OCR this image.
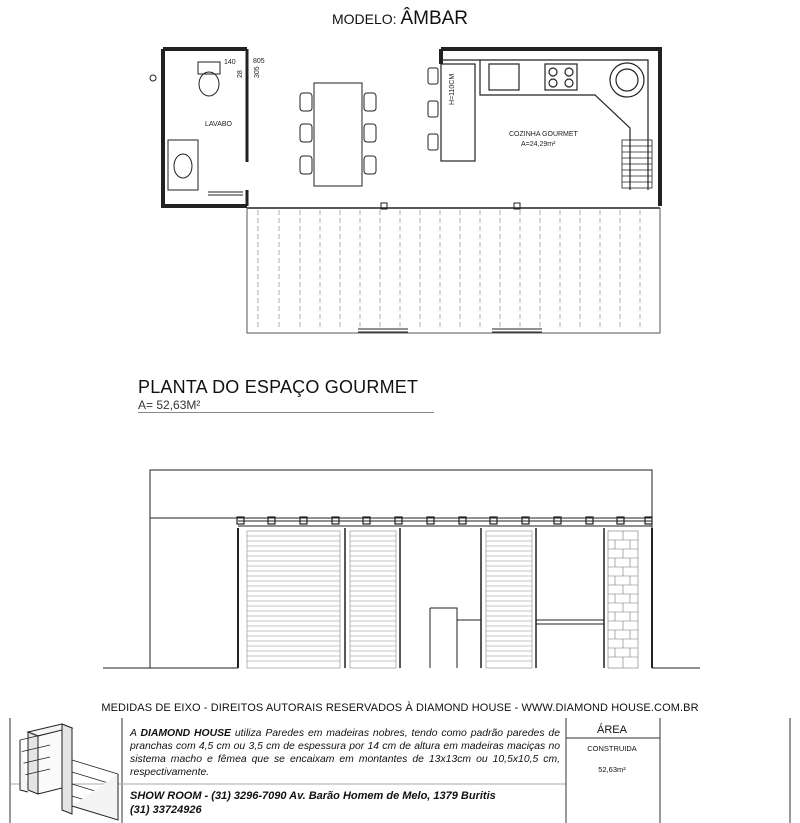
MODELO: ÂMBAR
LAVABO
COZINHA GOURMET
A=24,29m²
140 805
28 305
H=110CM
PLANTA DO ESPAÇO GOURMET
A= 52,63M²
MEDIDAS DE EIXO - DIREITOS AUTORAIS RESERVADOS À DIAMOND HOUSE - WWW.DIAMOND HOUSE.COM.BR
A DIAMOND HOUSE utiliza Paredes em madeiras nobres, tendo como padrão paredes de pranchas com 4,5 cm ou 3,5 cm de espessura por 14 cm de altura em madeiras maciças no sistema macho e fêmea que se encaixam em montantes de 13x13cm ou 10,5x10,5 cm, respectivamente.
SHOW ROOM - (31) 3296-7090 Av. Barão Homem de Melo, 1379 Buritis
(31) 33724926
ÁREA
CONSTRUIDA
52,63m²
